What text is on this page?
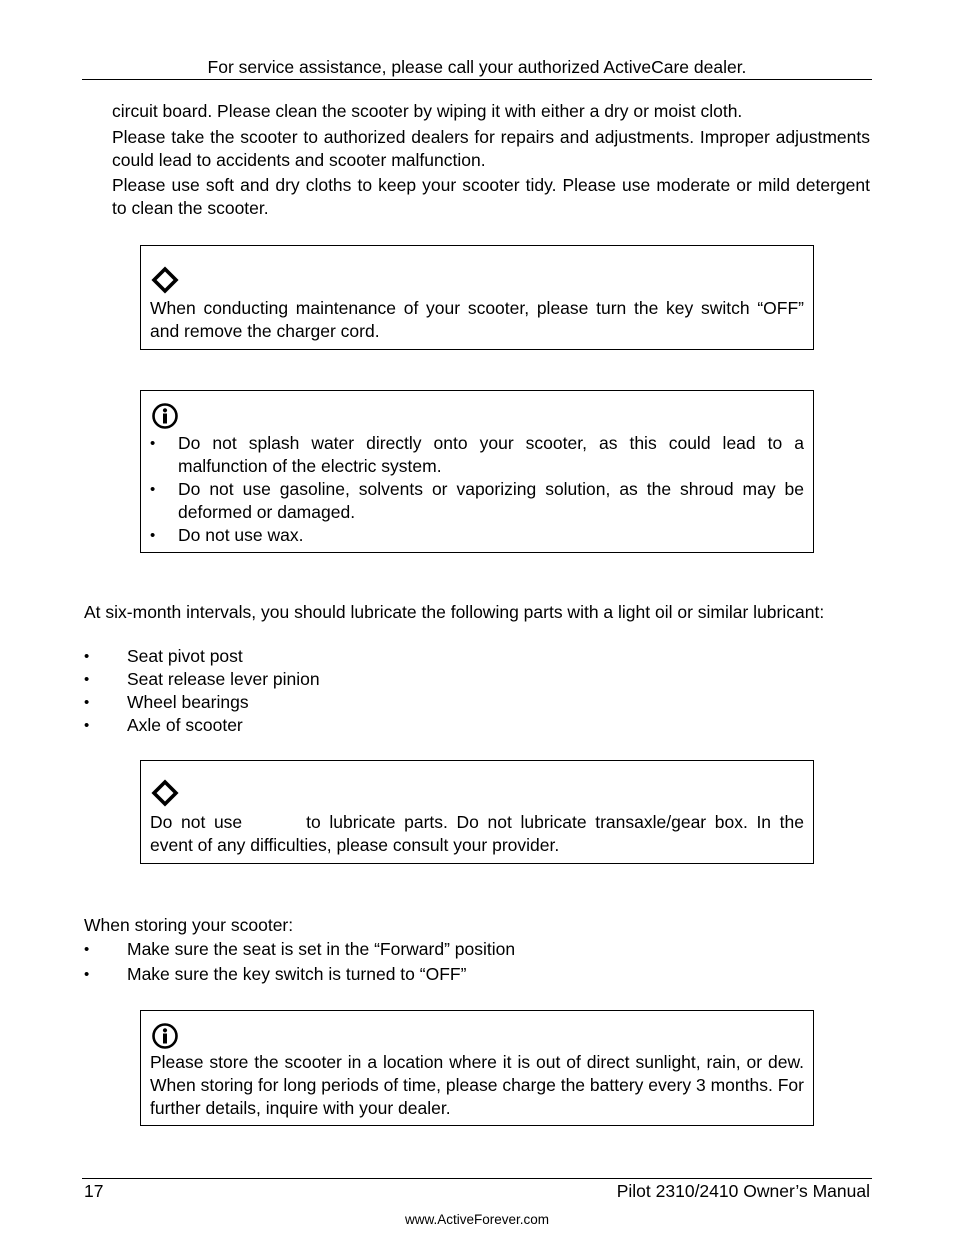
For service assistance, please call your authorized ActiveCare dealer.
circuit board. Please clean the scooter by wiping it with either a dry or moist cloth.
Please take the scooter to authorized dealers for repairs and adjustments. Improper adjustments could lead to accidents and scooter malfunction.
Please use soft and dry cloths to keep your scooter tidy. Please use moderate or mild detergent to clean the scooter.
When conducting maintenance of your scooter, please turn the key switch “OFF” and remove the charger cord.
• Do not splash water directly onto your scooter, as this could lead to a malfunction of the electric system.
• Do not use gasoline, solvents or vaporizing solution, as the shroud may be deformed or damaged.
• Do not use wax.
At six-month intervals, you should lubricate the following parts with a light oil or similar lubricant:
• Seat pivot post
• Seat release lever pinion
• Wheel bearings
• Axle of scooter
Do not use	to lubricate parts. Do not lubricate transaxle/gear box. In the event of any difficulties, please consult your provider.
When storing your scooter:
• Make sure the seat is set in the “Forward” position
• Make sure the key switch is turned to “OFF”
Please store the scooter in a location where it is out of direct sunlight, rain, or dew. When storing for long periods of time, please charge the battery every 3 months. For further details, inquire with your dealer.
17	Pilot 2310/2410 Owner’s Manual
www.ActiveForever.com
